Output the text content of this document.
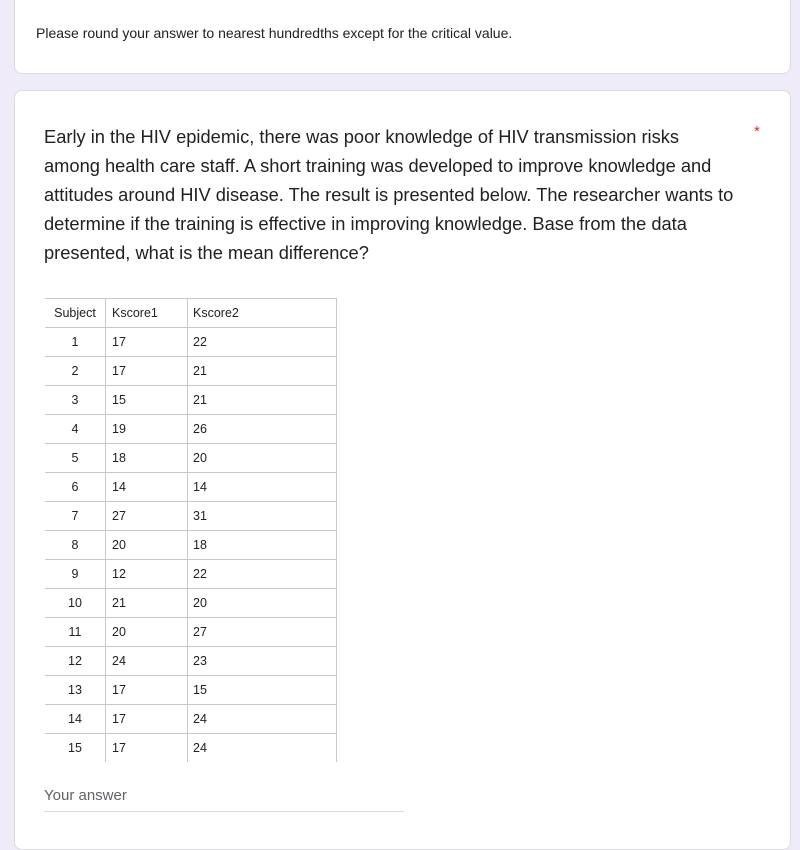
Please round your answer to nearest hundredths except for the critical value.
Early in the HIV epidemic, there was poor knowledge of HIV transmission risks among health care staff. A short training was developed to improve knowledge and attitudes around HIV disease. The result is presented below. The researcher wants to determine if the training is effective in improving knowledge. Base from the data presented, what is the mean difference?
*
Subject	Kscore1	Kscore2
1	17	22
2	17	21
3	15	21
4	19	26
5	18	20
6	14	14
7	27	31
8	20	18
9	12	22
10	21	20
11	20	27
12	24	23
13	17	15
14	17	24
15	17	24
Your answer
